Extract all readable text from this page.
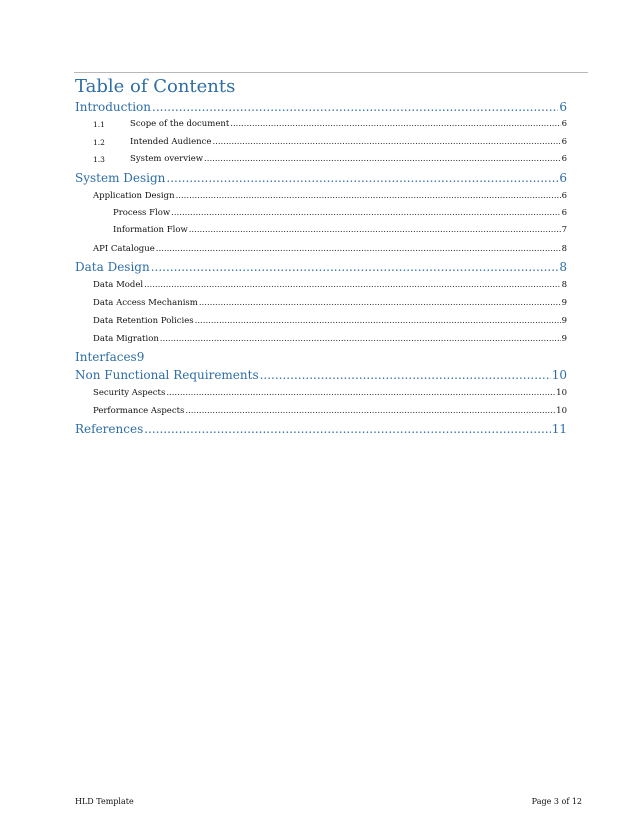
Table of Contents
Introduction .....	6
1.1	Scope of the document .....	6
1.2	Intended Audience .....	6
1.3	System overview .....	6
System Design .....	6
Application Design .....	6
Process Flow .....	6
Information Flow .....	7
API Catalogue .....	8
Data Design .....	8
Data Model .....	8
Data Access Mechanism .....	9
Data Retention Policies .....	9
Data Migration .....	9
Interfaces 9
Non Functional Requirements .....	10
Security Aspects .....	10
Performance Aspects .....	10
References .....	11
HLD Template	Page 3 of 12
